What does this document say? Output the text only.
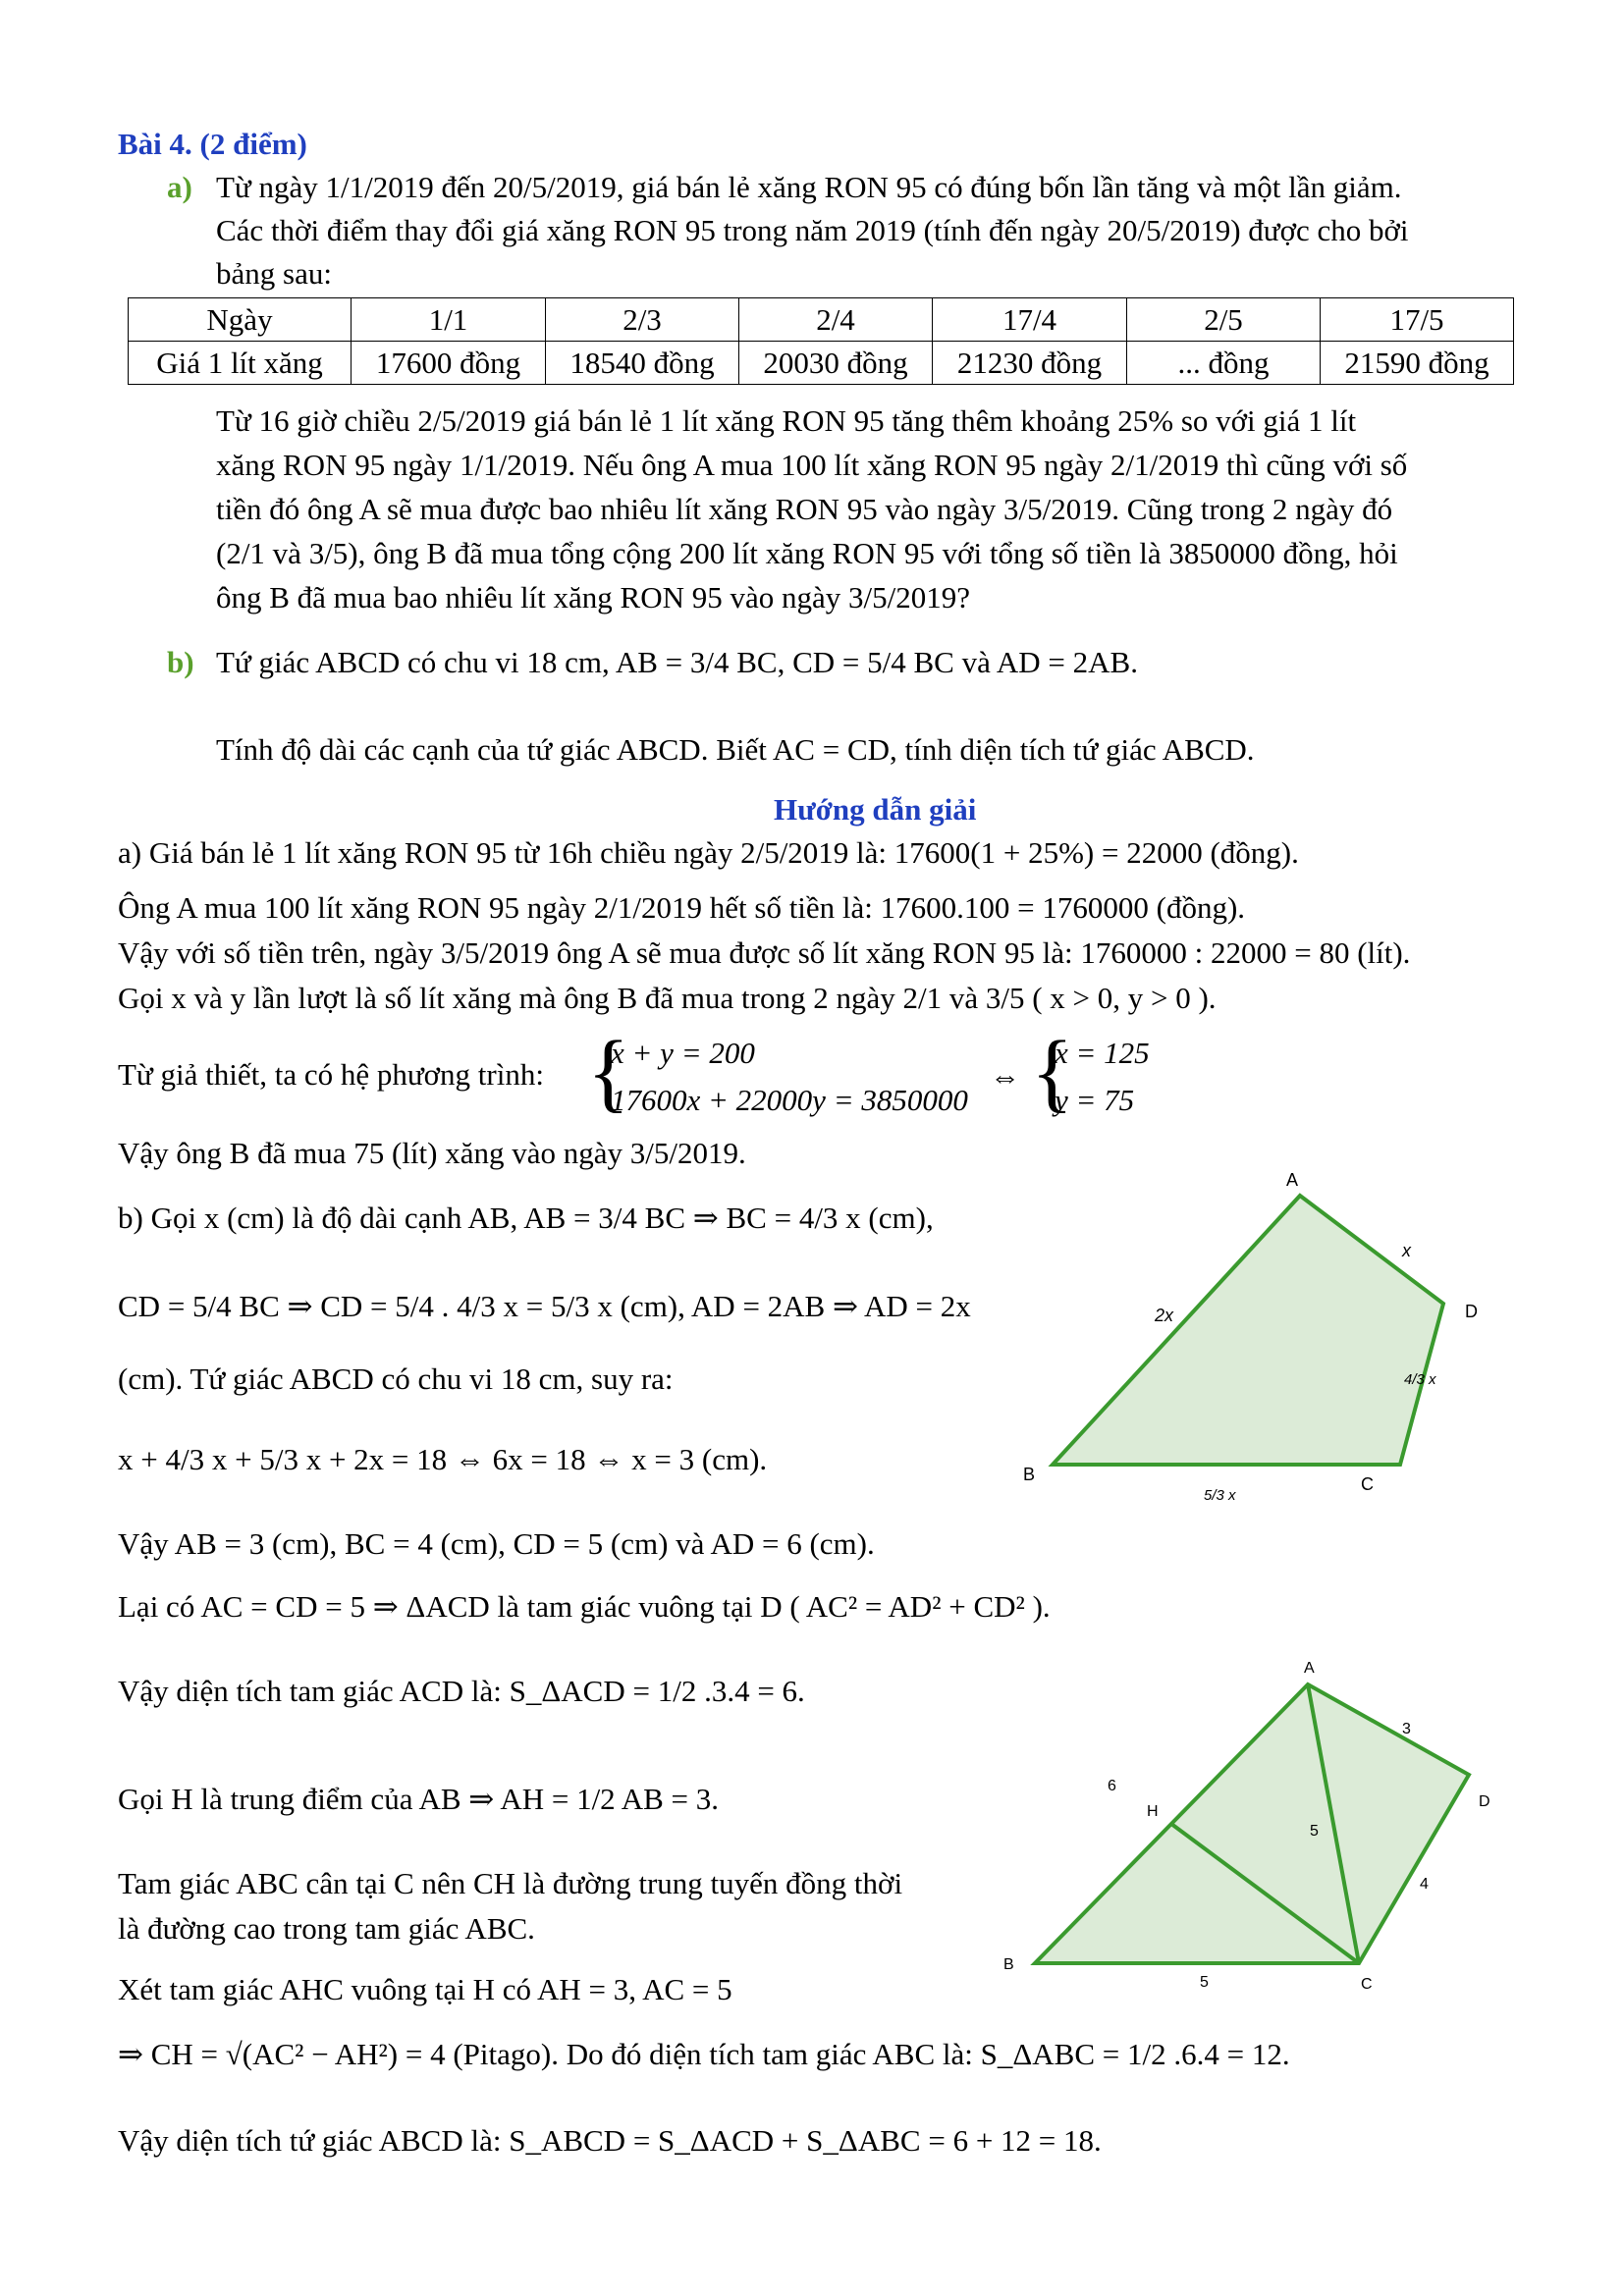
Bài 4. (2 điểm)
a) Từ ngày 1/1/2019 đến 20/5/2019, giá bán lẻ xăng RON 95 có đúng bốn lần tăng và một lần giảm.
Các thời điểm thay đổi giá xăng RON 95 trong năm 2019 (tính đến ngày 20/5/2019) được cho bởi
bảng sau:
Ngày	1/1	2/3	2/4	17/4	2/5	17/5
Giá 1 lít xăng	17600 đồng	18540 đồng	20030 đồng	21230 đồng	... đồng	21590 đồng
Từ 16 giờ chiều 2/5/2019 giá bán lẻ 1 lít xăng RON 95 tăng thêm khoảng 25% so với giá 1 lít
xăng RON 95 ngày 1/1/2019. Nếu ông A mua 100 lít xăng RON 95 ngày 2/1/2019 thì cũng với số
tiền đó ông A sẽ mua được bao nhiêu lít xăng RON 95 vào ngày 3/5/2019. Cũng trong 2 ngày đó
(2/1 và 3/5), ông B đã mua tổng cộng 200 lít xăng RON 95 với tổng số tiền là 3850000 đồng, hỏi
ông B đã mua bao nhiêu lít xăng RON 95 vào ngày 3/5/2019?
b) Tứ giác ABCD có chu vi 18 cm, AB = 3/4 BC, CD = 5/4 BC và AD = 2AB.
Tính độ dài các cạnh của tứ giác ABCD. Biết AC = CD, tính diện tích tứ giác ABCD.
Hướng dẫn giải
a) Giá bán lẻ 1 lít xăng RON 95 từ 16h chiều ngày 2/5/2019 là: 17600(1 + 25%) = 22000 (đồng).
Ông A mua 100 lít xăng RON 95 ngày 2/1/2019 hết số tiền là: 17600.100 = 1760000 (đồng).
Vậy với số tiền trên, ngày 3/5/2019 ông A sẽ mua được số lít xăng RON 95 là: 1760000 : 22000 = 80 (lít).
Gọi x và y lần lượt là số lít xăng mà ông B đã mua trong 2 ngày 2/1 và 3/5 ( x > 0, y > 0 ).
Từ giả thiết, ta có hệ phương trình: {
x + y = 200
17600x + 22000y = 3850000
⇔ {
x = 125
y = 75
Vậy ông B đã mua 75 (lít) xăng vào ngày 3/5/2019.
b) Gọi x (cm) là độ dài cạnh AB, AB = 3/4 BC ⇒ BC = 4/3 x (cm),
CD = 5/4 BC ⇒ CD = 5/4 . 4/3 x = 5/3 x (cm), AD = 2AB ⇒ AD = 2x
(cm). Tứ giác ABCD có chu vi 18 cm, suy ra:
x + 4/3 x + 5/3 x + 2x = 18 ⇔ 6x = 18 ⇔ x = 3 (cm).
Vậy AB = 3 (cm), BC = 4 (cm), CD = 5 (cm) và AD = 6 (cm).
Lại có AC = CD = 5 ⇒ ΔACD là tam giác vuông tại D ( AC² = AD² + CD² ).
Vậy diện tích tam giác ACD là: S_ΔACD = 1/2 .3.4 = 6.
Gọi H là trung điểm của AB ⇒ AH = 1/2 AB = 3.
Tam giác ABC cân tại C nên CH là đường trung tuyến đồng thời
là đường cao trong tam giác ABC.
Xét tam giác AHC vuông tại H có AH = 3, AC = 5
⇒ CH = √(AC² − AH²) = 4 (Pitago). Do đó diện tích tam giác ABC là: S_ΔABC = 1/2 .6.4 = 12.
Vậy diện tích tứ giác ABCD là: S_ABCD = S_ΔACD + S_ΔABC = 6 + 12 = 18.
A
B	C
D
2x
x
4/3 x
5/3 x
A
B
C
D
H
6
3
5
4
5
